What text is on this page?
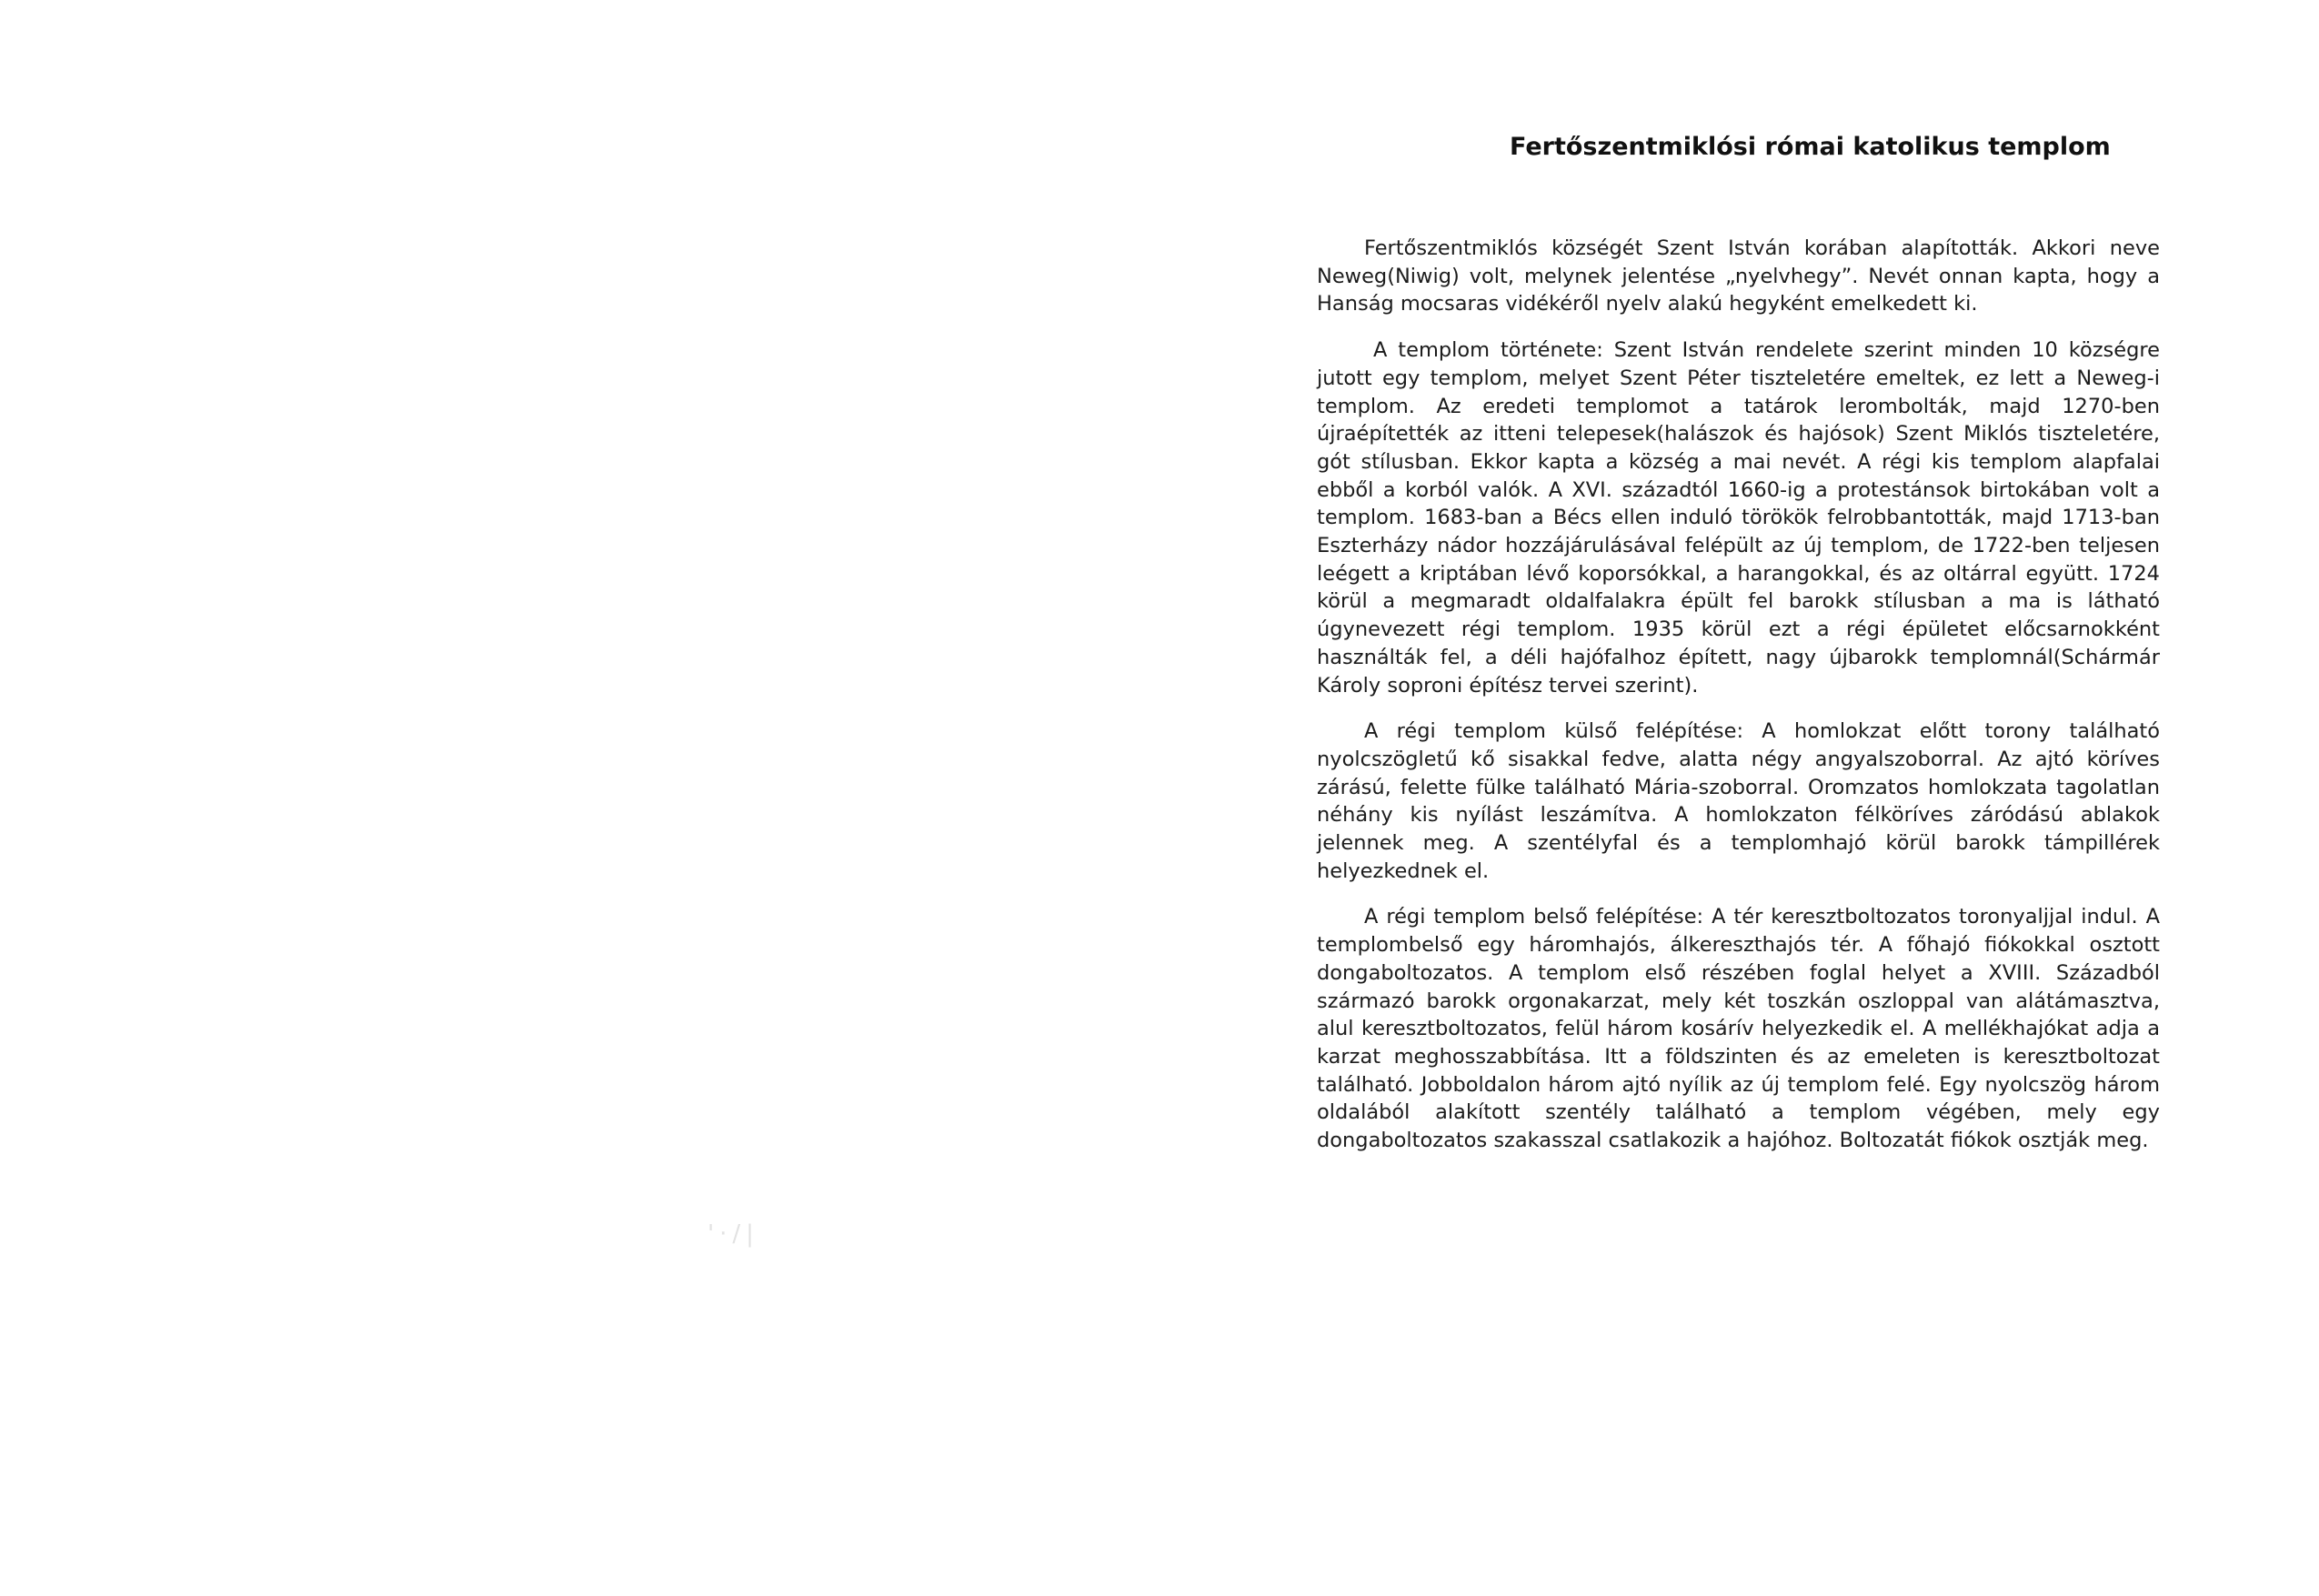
'·/|
Fertőszentmiklósi római katolikus templom

Fertőszentmiklós községét Szent István korában alapították. Akkori neve Neweg(Niwig) volt, melynek jelentése „nyelvhegy”. Nevét onnan kapta, hogy a Hanság mocsaras vidékéről nyelv alakú hegyként emelkedett ki.

A templom története: Szent István rendelete szerint minden 10 községre jutott egy templom, melyet Szent Péter tiszteletére emeltek, ez lett a Neweg-i templom. Az eredeti templomot a tatárok lerombolták, majd 1270-ben újraépítették az itteni telepesek(halászok és hajósok) Szent Miklós tiszteletére, gót stílusban. Ekkor kapta a község a mai nevét. A régi kis templom alapfalai ebből a korból valók. A XVI. századtól 1660-ig a protestánsok birtokában volt a templom. 1683-ban a Bécs ellen induló törökök felrobbantották, majd 1713-ban Eszterházy nádor hozzájárulásával felépült az új templom, de 1722-ben teljesen leégett a kriptában lévő koporsókkal, a harangokkal, és az oltárral együtt. 1724 körül a megmaradt oldalfalakra épült fel barokk stílusban a ma is látható úgynevezett régi templom. 1935 körül ezt a régi épületet előcsarnokként használták fel, a déli hajófalhoz épített, nagy újbarokk templomnál(Schármár Károly soproni építész tervei szerint).

A régi templom külső felépítése: A homlokzat előtt torony található nyolcszögletű kő sisakkal fedve, alatta négy angyalszoborral. Az ajtó köríves zárású, felette fülke található Mária-szoborral. Oromzatos homlokzata tagolatlan néhány kis nyílást leszámítva. A homlokzaton félköríves záródású ablakok jelennek meg. A szentélyfal és a templomhajó körül barokk támpillérek helyezkednek el.

A régi templom belső felépítése: A tér keresztboltozatos toronyaljjal indul. A templombelső egy háromhajós, álkereszthajós tér. A főhajó fiókokkal osztott dongaboltozatos. A templom első részében foglal helyet a XVIII. Századból származó barokk orgonakarzat, mely két toszkán oszloppal van alátámasztva, alul keresztboltozatos, felül három kosárív helyezkedik el. A mellékhajókat adja a karzat meghosszabbítása. Itt a földszinten és az emeleten is keresztboltozat található. Jobboldalon három ajtó nyílik az új templom felé. Egy nyolcszög három oldalából alakított szentély található a templom végében, mely egy dongaboltozatos szakasszal csatlakozik a hajóhoz. Boltozatát fiókok osztják meg.
